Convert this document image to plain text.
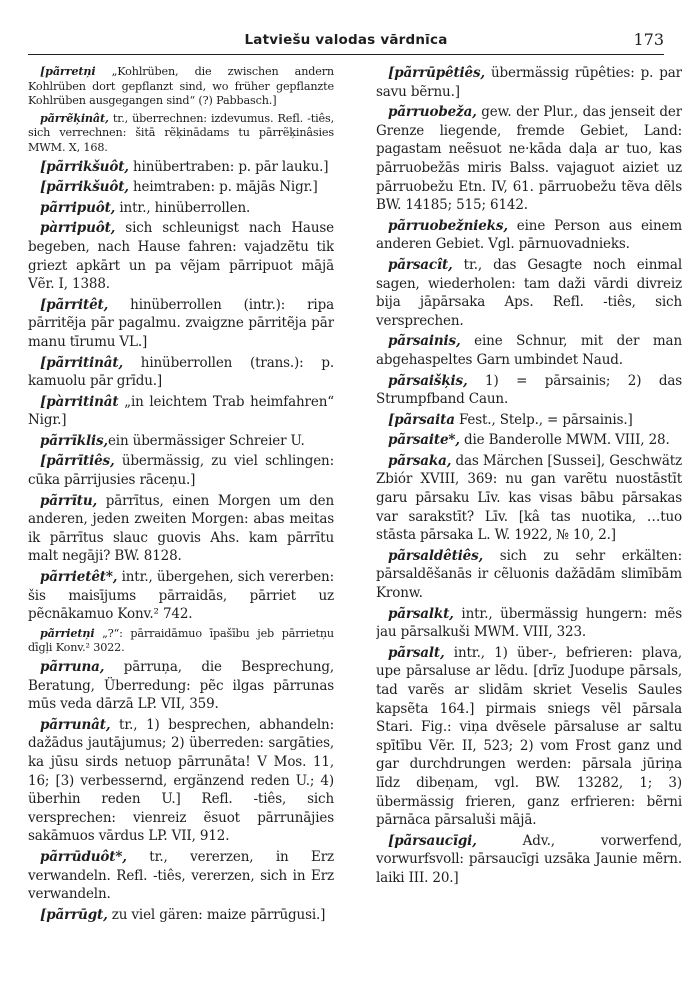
Latviešu valodas vārdnīca	173

[pãrretņi „Kohlrüben, die zwischen andern Kohlrüben dort gepflanzt sind, wo früher gepflanzte Kohlrüben ausgegangen sind“ (?) Pabbasch.]

pãrrẽķinât, tr., überrechnen: izdevumus. Refl. -tiês, sich verrechnen: šitā rẽķinādams tu pārrẽķinâsies MWM. X, 168.

[pãrrikšuôt, hinübertraben: p. pār lauku.]

[pãrrikšuôt, heimtraben: p. mājās Nigr.]

pãrripuôt, intr., hinüberrollen.

pàrripuôt, sich schleunigst nach Hause begeben, nach Hause fahren: vajadzẽtu tik griezt apkārt un pa vẽjam pārripuot mājā Vẽr. I, 1388.

[pãrritêt, hinüberrollen (intr.): ripa pārritẽja pār pagalmu. zvaigzne pārritẽja pār manu tīrumu VL.]

[pãrritinât, hinüberrollen (trans.): p. kamuolu pār grīdu.]

[pàrritinât „in leichtem Trab heimfahren“ Nigr.]

pãrrīklis,ein übermässiger Schreier U.

[pãrrītiês, übermässig, zu viel schlingen: cūka pārrijusies rāceņu.]

pãrrītu, pārrītus, einen Morgen um den anderen, jeden zweiten Morgen: abas meitas ik pārrītus slauc guovis Ahs. kam pārrītu malt negāji? BW. 8128.

pãrrietêt*, intr., übergehen, sich vererben: šis maisījums pārraidās, pārriet uz pẽcnākamuo Konv.² 742.

pãrrietņi „?“: pārraidāmuo īpašību jeb pārrietņu dīgļi Konv.² 3022.

pãrruna, pārruņa, die Besprechung, Beratung, Überredung: pẽc ilgas pārrunas mūs veda dārzā LP. VII, 359.

pãrrunât, tr., 1) besprechen, abhandeln: dažādus jautājumus; 2) überreden: sargāties, ka jūsu sirds netuop pārrunāta! V Mos. 11, 16; [3) verbessernd, ergänzend reden U.; 4) überhin reden U.] Refl. -tiês, sich versprechen: vienreiz ẽsuot pārrunājies sakāmuos vārdus LP. VII, 912.

pãrrūduôt*, tr., vererzen, in Erz verwandeln. Refl. -tiês, vererzen, sich in Erz verwandeln.

[pãrrūgt, zu viel gären: maize pārrūgusi.]

[pãrrūpêtiês, übermässig rūpêties: p. par savu bẽrnu.]

pãrruobeža, gew. der Plur., das jenseit der Grenze liegende, fremde Gebiet, Land: pagastam neẽsuot ne·kāda daļa ar tuo, kas pārruobežās miris Balss. vajaguot aiziet uz pārruobežu Etn. IV, 61. pārruobežu tẽva dẽls BW. 14185; 515; 6142.

pãrruobežnieks, eine Person aus einem anderen Gebiet. Vgl. pārnuovadnieks.

pãrsacît, tr., das Gesagte noch einmal sagen, wiederholen: tam daži vārdi divreiz bija jāpārsaka Aps. Refl. -tiês, sich versprechen.

pãrsainis, eine Schnur, mit der man abgehaspeltes Garn umbindet Naud.

pãrsaišķis, 1) = pārsainis; 2) das Strumpfband Caun.

[pãrsaita Fest., Stelp., = pārsainis.]

pãrsaite*, die Banderolle MWM. VIII, 28.

pãrsaka, das Märchen [Sussei], Geschwätz Zbiór XVIII, 369: nu gan varẽtu nuostāstīt garu pārsaku Līv. kas visas bābu pārsakas var sarakstīt? Līv. [kâ tas nuotika, …tuo stāsta pārsaka L. W. 1922, № 10, 2.]

pãrsaldêtiês, sich zu sehr erkälten: pārsaldẽšanās ir cẽluonis dažādām slimībām Kronw.

pãrsalkt, intr., übermässig hungern: mẽs jau pārsalkuši MWM. VIII, 323.

pãrsalt, intr., 1) über-, befrieren: plava, upe pārsaluse ar lẽdu. [drīz Juodupe pārsals, tad varẽs ar slidām skriet Veselis Saules kapsẽta 164.] pirmais sniegs vẽl pārsala Stari. Fig.: viņa dvẽsele pārsaluse ar saltu spītību Vẽr. II, 523; 2) vom Frost ganz und gar durchdrungen werden: pārsala jūriņa līdz dibeņam, vgl. BW. 13282, 1; 3) übermässig frieren, ganz erfrieren: bẽrni pārnāca pārsaluši mājā.

[pãrsaucīgi, Adv., vorwerfend, vorwurfsvoll: pārsaucīgi uzsāka Jaunie mẽrn. laiki III. 20.]
